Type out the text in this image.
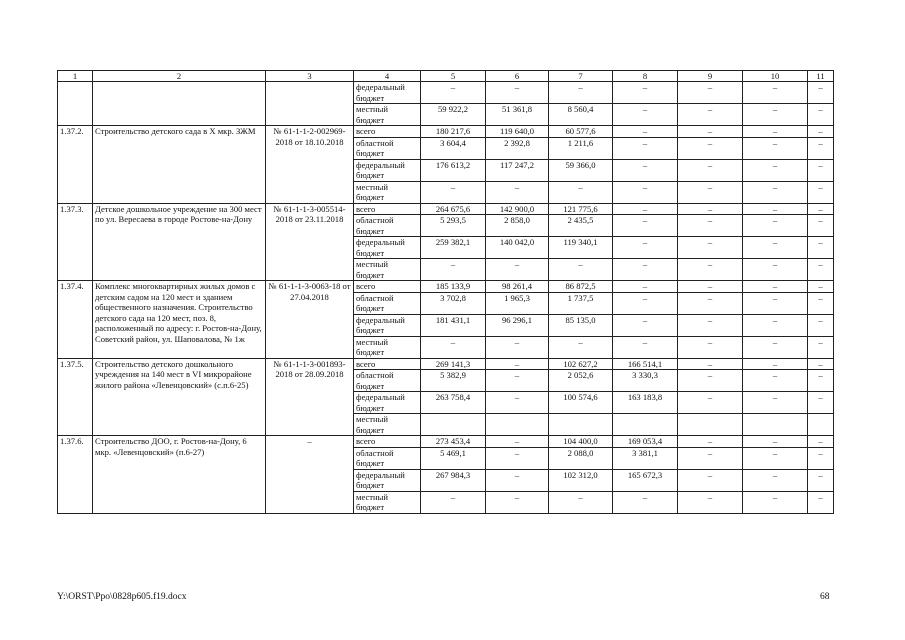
1	2	3	4	5	6	7	8	9	10	11
			федеральный бюджет	–	–	–	–	–	–	–
			местный бюджет	59 922,2	51 361,8	8 560,4	–	–	–	–
1.37.2.	Строительство детского сада в X мкр. ЗЖМ	№ 61-1-1-2-002969-2018 от 18.10.2018	всего	180 217,6	119 640,0	60 577,6	–	–	–	–
			областной бюджет	3 604,4	2 392,8	1 211,6	–	–	–	–
			федеральный бюджет	176 613,2	117 247,2	59 366,0	–	–	–	–
			местный бюджет	–	–	–	–	–	–	–
1.37.3.	Детское дошкольное учреждение на 300 мест по ул. Вересаева в городе Ростове-на-Дону	№ 61-1-1-3-005514-2018 от 23.11.2018	всего	264 675,6	142 900,0	121 775,6	–	–	–	–
			областной бюджет	5 293,5	2 858,0	2 435,5	–	–	–	–
			федеральный бюджет	259 382,1	140 042,0	119 340,1	–	–	–	–
			местный бюджет	–	–	–	–	–	–	–
1.37.4.	Комплекс многоквартирных жилых домов с детским садом на 120 мест и зданием общественного назначения. Строительство детского сада на 120 мест, поз. 8, расположенный по адресу: г. Ростов-на-Дону, Советский район, ул. Шаповалова, № 1ж	№ 61-1-1-3-0063-18 от 27.04.2018	всего	185 133,9	98 261,4	86 872,5	–	–	–	–
			областной бюджет	3 702,8	1 965,3	1 737,5	–	–	–	–
			федеральный бюджет	181 431,1	96 296,1	85 135,0	–	–	–	–
			местный бюджет	–	–	–	–	–	–	–
1.37.5.	Строительство детского дошкольного учреждения на 140 мест в VI микрорайоне жилого района «Левенцовский» (с.п.6-25)	№ 61-1-1-3-001893-2018 от 28.09.2018	всего	269 141,3	–	102 627,2	166 514,1	–	–	–
			областной бюджет	5 382,9	–	2 052,6	3 330,3	–	–	–
			федеральный бюджет	263 758,4	–	100 574,6	163 183,8	–	–	–
			местный бюджет							
1.37.6.	Строительство ДОО, г. Ростов-на-Дону, 6 мкр. «Левенцовский» (п.6-27)	–	всего	273 453,4	–	104 400,0	169 053,4	–	–	–
			областной бюджет	5 469,1	–	2 088,0	3 381,1	–	–	–
			федеральный бюджет	267 984,3	–	102 312,0	165 672,3	–	–	–
			местный бюджет	–	–	–	–	–	–	–
Y:\ORST\Ppo\0828p605.f19.docx	68
